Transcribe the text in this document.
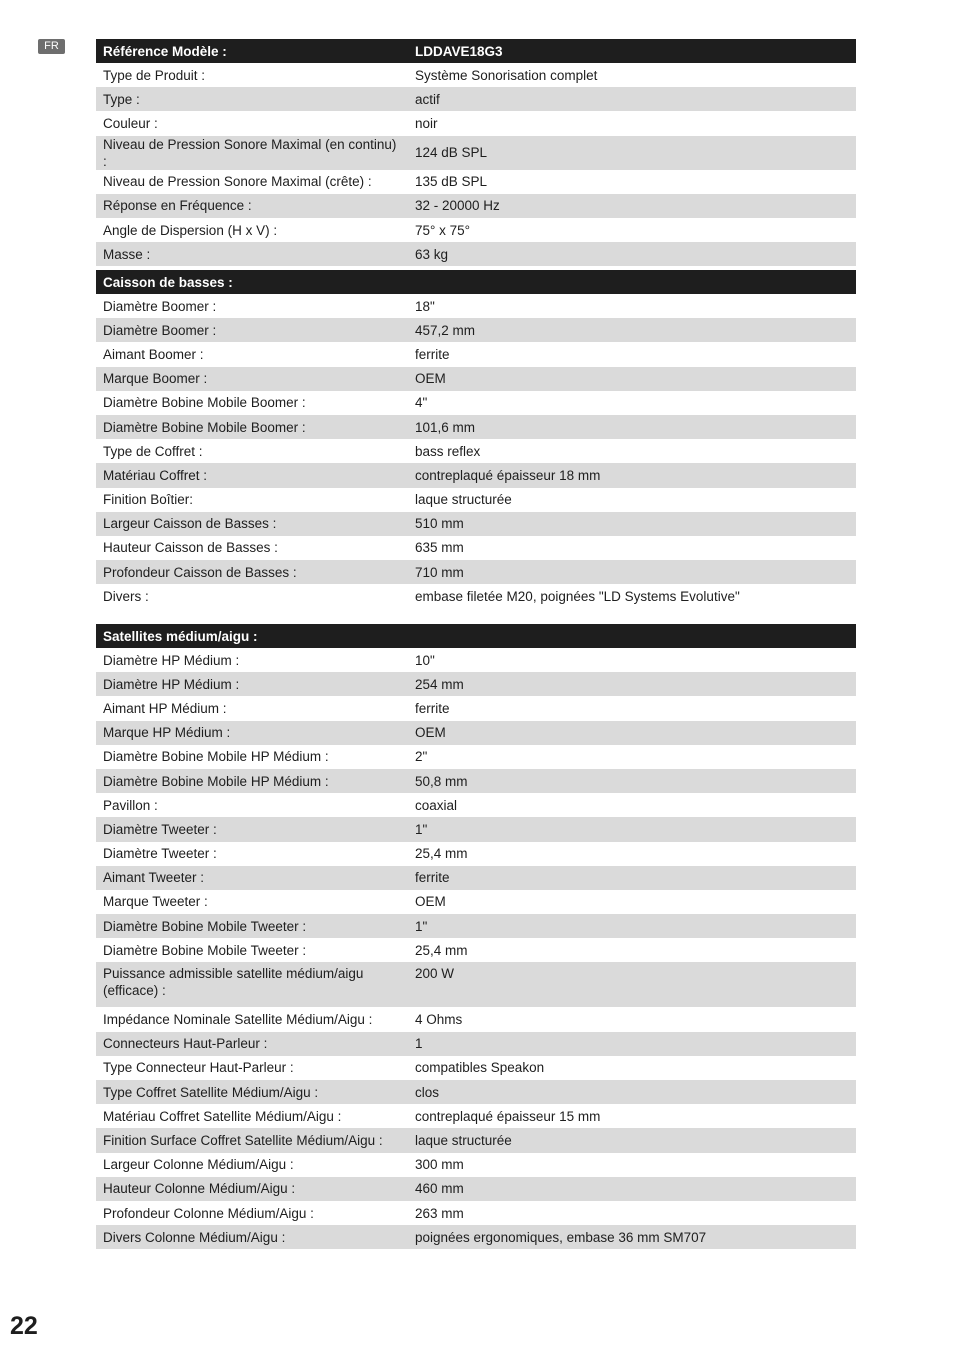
FR	Référence Modèle :	LDDAVE18G3
Type de Produit :	Système Sonorisation complet
Type :	actif
Couleur :	noir
Niveau de Pression Sonore Maximal (en continu) :	124 dB SPL
Niveau de Pression Sonore Maximal (crête) :	135 dB SPL
Réponse en Fréquence :	32 - 20000 Hz
Angle de Dispersion (H x V) :	75° x 75°
Masse :	63 kg
Caisson de basses :	
Diamètre Boomer :	18"
Diamètre Boomer :	457,2 mm
Aimant Boomer :	ferrite
Marque Boomer :	OEM
Diamètre Bobine Mobile Boomer :	4"
Diamètre Bobine Mobile Boomer :	101,6 mm
Type de Coffret :	bass reflex
Matériau Coffret :	contreplaqué épaisseur 18 mm
Finition Boîtier:	laque structurée
Largeur Caisson de Basses :	510 mm
Hauteur Caisson de Basses :	635 mm
Profondeur Caisson de Basses :	710 mm
Divers :	embase filetée M20, poignées "LD Systems Evolutive"
Satellites médium/aigu :	
Diamètre HP Médium :	10"
Diamètre HP Médium :	254 mm
Aimant HP Médium :	ferrite
Marque HP Médium :	OEM
Diamètre Bobine Mobile HP Médium :	2"
Diamètre Bobine Mobile HP Médium :	50,8 mm
Pavillon :	coaxial
Diamètre Tweeter :	1"
Diamètre Tweeter :	25,4 mm
Aimant Tweeter :	ferrite
Marque Tweeter :	OEM
Diamètre Bobine Mobile Tweeter :	1"
Diamètre Bobine Mobile Tweeter :	25,4 mm
Puissance admissible satellite médium/aigu (efficace) :	200 W
Impédance Nominale Satellite Médium/Aigu :	4 Ohms
Connecteurs Haut-Parleur :	1
Type Connecteur Haut-Parleur :	compatibles Speakon
Type Coffret Satellite Médium/Aigu :	clos
Matériau Coffret Satellite Médium/Aigu :	contreplaqué épaisseur 15 mm
Finition Surface Coffret Satellite Médium/Aigu :	laque structurée
Largeur Colonne Médium/Aigu :	300 mm
Hauteur Colonne Médium/Aigu :	460 mm
Profondeur Colonne Médium/Aigu :	263 mm
Divers Colonne Médium/Aigu :	poignées ergonomiques, embase 36 mm SM707
22
